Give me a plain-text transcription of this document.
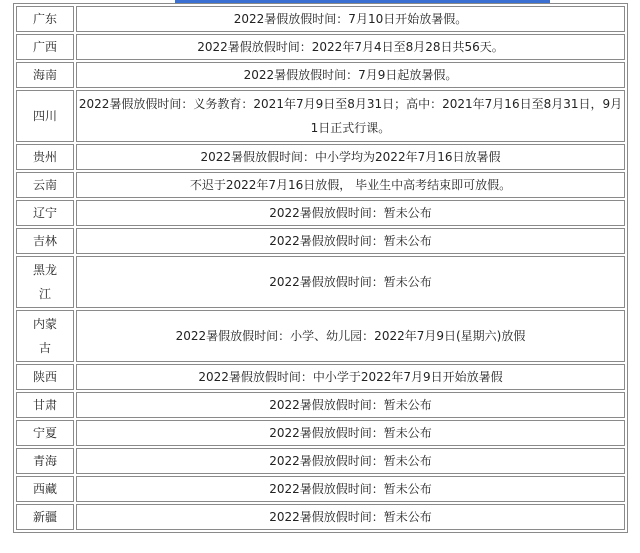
广东	2022暑假放假时间：7月10日开始放暑假。
广西	2022暑假放假时间：2022年7月4日至8月28日共56天。
海南	2022暑假放假时间：7月9日起放暑假。
四川	2022暑假放假时间：义务教育：2021年7月9日至8月31日；高中：2021年7月16日至8月31日，9月1日正式行课。
贵州	2022暑假放假时间：中小学均为2022年7月16日放暑假
云南	不迟于2022年7月16日放假， 毕业生中高考结束即可放假。
辽宁	2022暑假放假时间：暂未公布
吉林	2022暑假放假时间：暂未公布
黑龙江	2022暑假放假时间：暂未公布
内蒙古	2022暑假放假时间：小学、幼儿园：2022年7月9日(星期六)放假
陕西	2022暑假放假时间：中小学于2022年7月9日开始放暑假
甘肃	2022暑假放假时间：暂未公布
宁夏	2022暑假放假时间：暂未公布
青海	2022暑假放假时间：暂未公布
西藏	2022暑假放假时间：暂未公布
新疆	2022暑假放假时间：暂未公布
